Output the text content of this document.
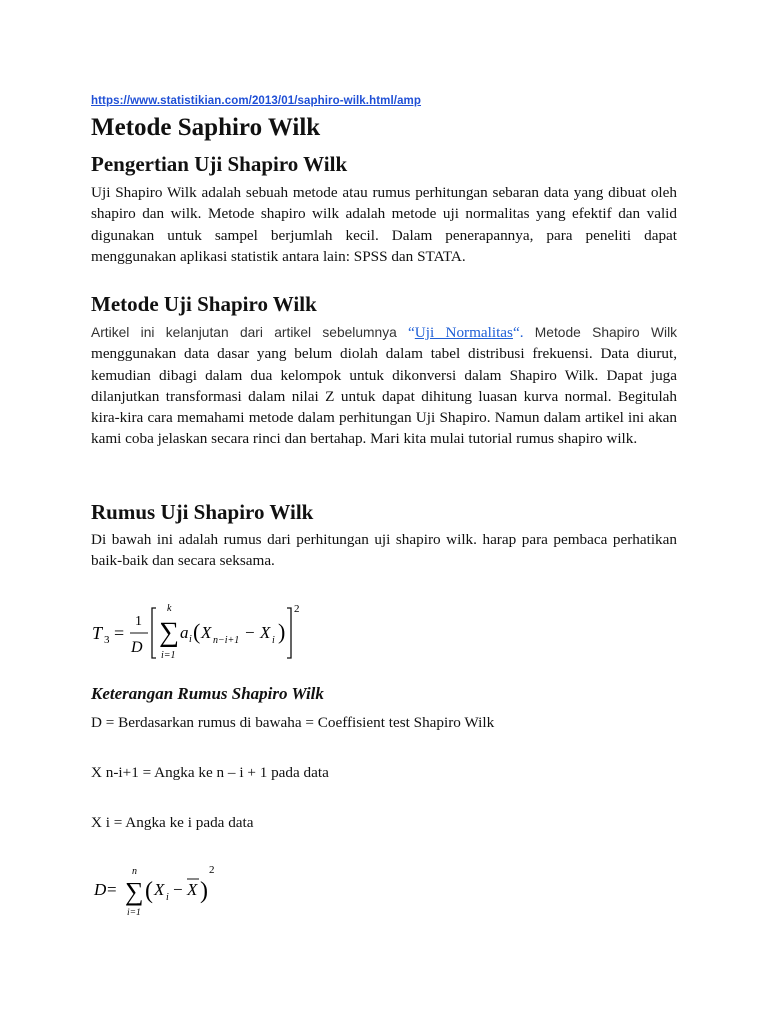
https://www.statistikian.com/2013/01/saphiro-wilk.html/amp
Metode Saphiro Wilk
Pengertian Uji Shapiro Wilk

Uji Shapiro Wilk adalah sebuah metode atau rumus perhitungan sebaran data yang dibuat oleh shapiro dan wilk. Metode shapiro wilk adalah metode uji normalitas yang efektif dan valid digunakan untuk sampel berjumlah kecil. Dalam penerapannya, para peneliti dapat menggunakan aplikasi statistik antara lain: SPSS dan STATA.

Metode Uji Shapiro Wilk

Artikel ini kelanjutan dari artikel sebelumnya “Uji Normalitas“. Metode Shapiro Wilk menggunakan data dasar yang belum diolah dalam tabel distribusi frekuensi. Data diurut, kemudian dibagi dalam dua kelompok untuk dikonversi dalam Shapiro Wilk. Dapat juga dilanjutkan transformasi dalam nilai Z untuk dapat dihitung luasan kurva normal. Begitulah kira-kira cara memahami metode dalam perhitungan Uji Shapiro. Namun dalam artikel ini akan kami coba jelaskan secara rinci dan bertahap. Mari kita mulai tutorial rumus shapiro wilk.

Rumus Uji Shapiro Wilk

Di bawah ini adalah rumus dari perhitungan uji shapiro wilk. harap para pembaca perhatikan baik-baik dan secara seksama.

T 3 =
1
D
k
∑
i=1
a i ( X n−i+1 − X i )
2
Keterangan Rumus Shapiro Wilk

D = Berdasarkan rumus di bawaha = Coeffisient test Shapiro Wilk

X n-i+1 = Angka ke n – i + 1 pada data

X i = Angka ke i pada data

D =
n
∑
i=1
( X i − X )
2
